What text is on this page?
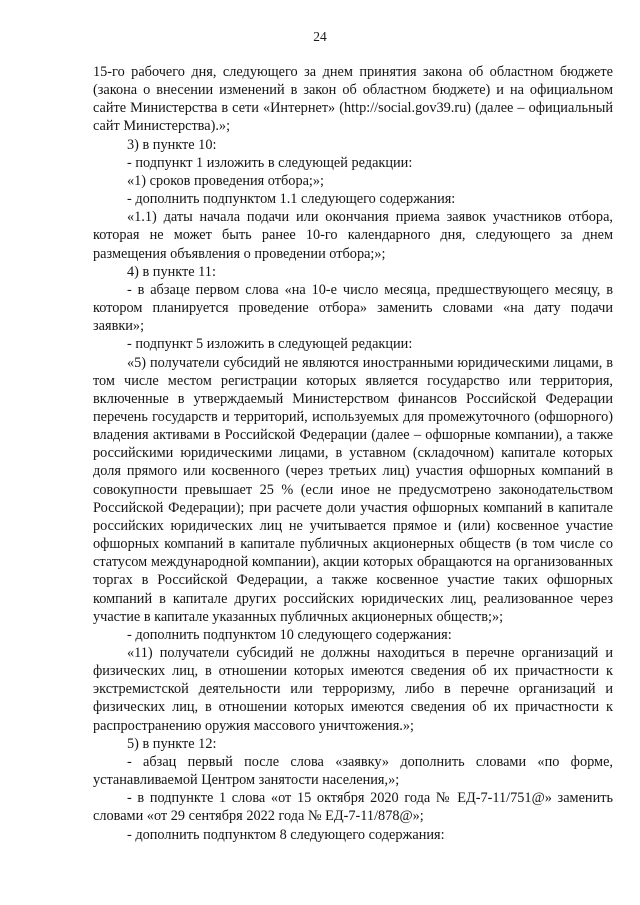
24

15-го рабочего дня, следующего за днем принятия закона об областном бюджете (закона о внесении изменений в закон об областном бюджете) и на официальном сайте Министерства в сети «Интернет» (http://social.gov39.ru) (далее – официальный сайт Министерства).»;

3) в пункте 10:

- подпункт 1 изложить в следующей редакции:

«1) сроков проведения отбора;»;

- дополнить подпунктом 1.1 следующего содержания:

«1.1) даты начала подачи или окончания приема заявок участников отбора, которая не может быть ранее 10-го календарного дня, следующего за днем размещения объявления о проведении отбора;»;

4) в пункте 11:

- в абзаце первом слова «на 10-е число месяца, предшествующего месяцу, в котором планируется проведение отбора» заменить словами «на дату подачи заявки»;

- подпункт 5 изложить в следующей редакции:

«5) получатели субсидий не являются иностранными юридическими лицами, в том числе местом регистрации которых является государство или территория, включенные в утверждаемый Министерством финансов Российской Федерации перечень государств и территорий, используемых для промежуточного (офшорного) владения активами в Российской Федерации (далее – офшорные компании), а также российскими юридическими лицами, в уставном (складочном) капитале которых доля прямого или косвенного (через третьих лиц) участия офшорных компаний в совокупности превышает 25 % (если иное не предусмотрено законодательством Российской Федерации); при расчете доли участия офшорных компаний в капитале российских юридических лиц не учитывается прямое и (или) косвенное участие офшорных компаний в капитале публичных акционерных обществ (в том числе со статусом международной компании), акции которых обращаются на организованных торгах в Российской Федерации, а также косвенное участие таких офшорных компаний в капитале других российских юридических лиц, реализованное через участие в капитале указанных публичных акционерных обществ;»;

- дополнить подпунктом 10 следующего содержания:

«11) получатели субсидий не должны находиться в перечне организаций и физических лиц, в отношении которых имеются сведения об их причастности к экстремистской деятельности или терроризму, либо в перечне организаций и физических лиц, в отношении которых имеются сведения об их причастности к распространению оружия массового уничтожения.»;

5) в пункте 12:

- абзац первый после слова «заявку» дополнить словами «по форме, устанавливаемой Центром занятости населения,»;

- в подпункте 1 слова «от 15 октября 2020 года № ЕД-7-11/751@» заменить словами «от 29 сентября 2022 года № ЕД-7-11/878@»;

- дополнить подпунктом 8 следующего содержания:
